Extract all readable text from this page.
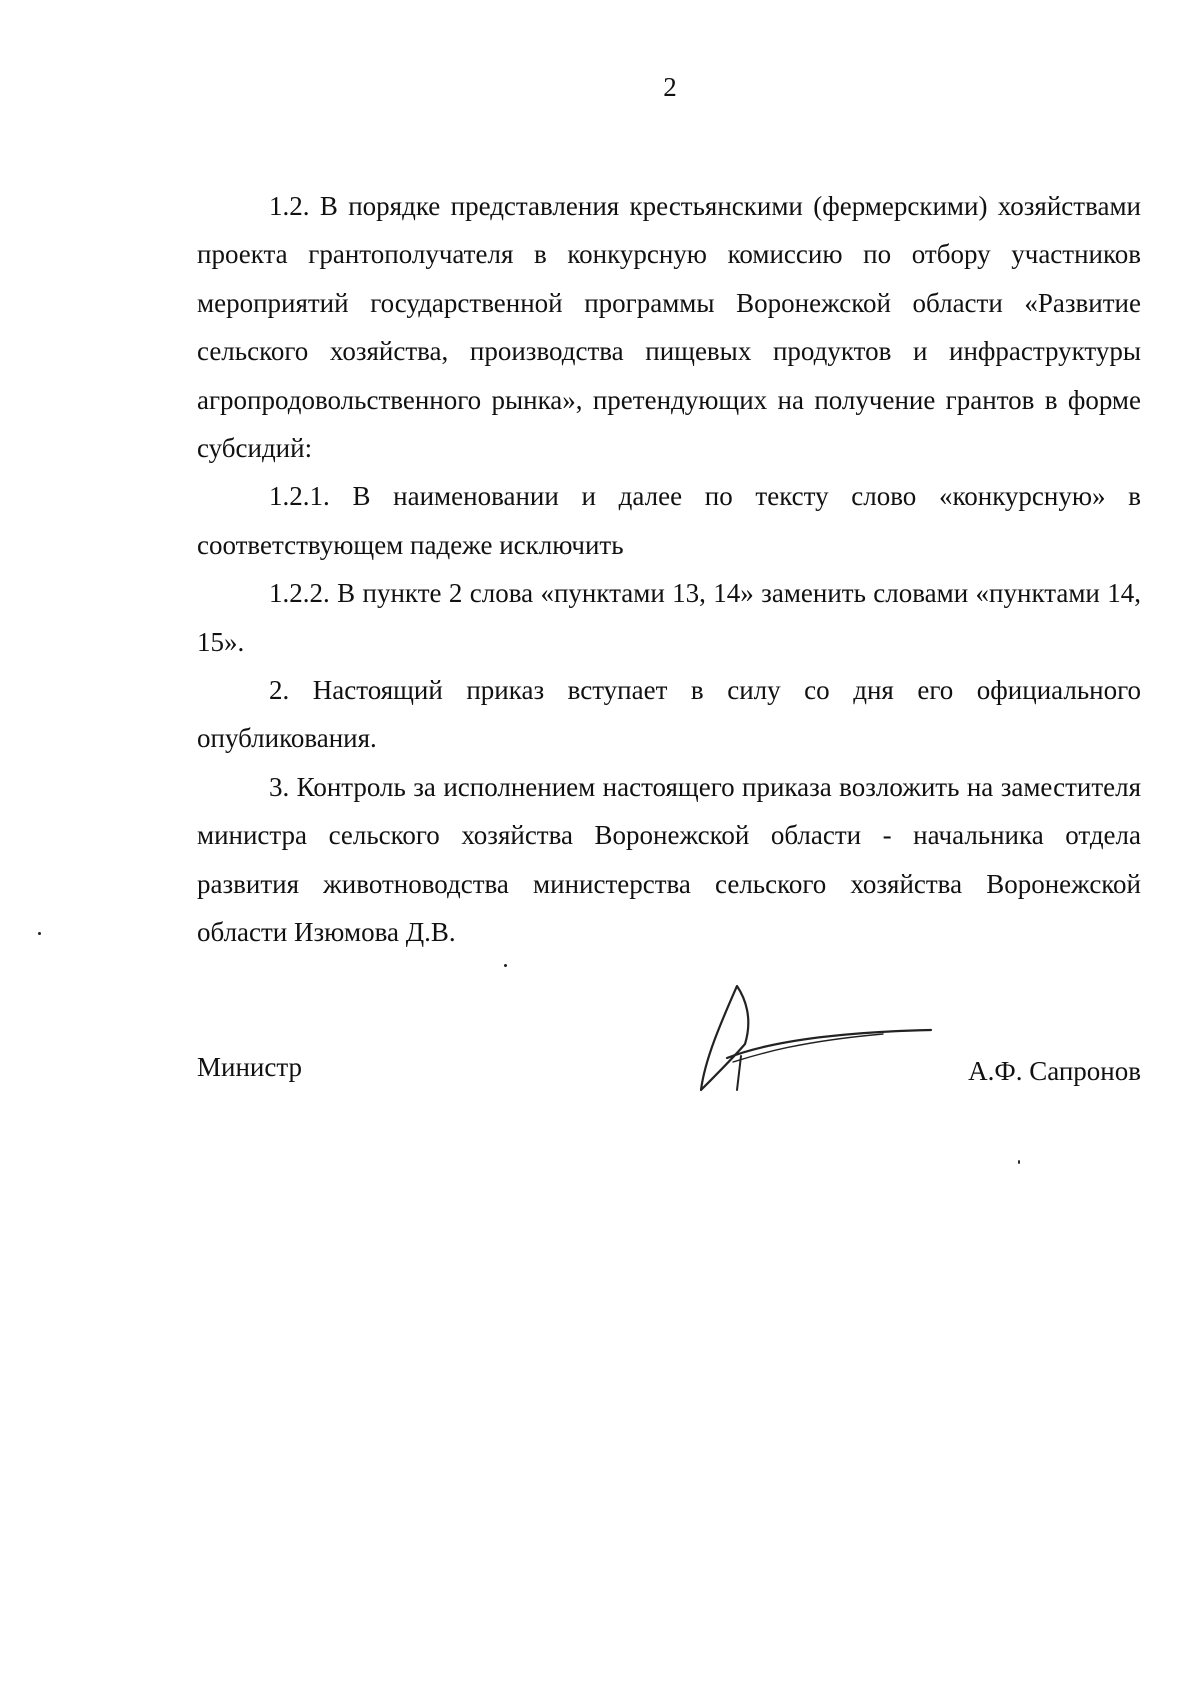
2

1.2. В порядке представления крестьянскими (фермерскими) хозяйствами проекта грантополучателя в конкурсную комиссию по отбору участников мероприятий государственной программы Воронежской области «Развитие сельского хозяйства, производства пищевых продуктов и инфраструктуры агропродовольственного рынка», претендующих на получение грантов в форме субсидий:

1.2.1. В наименовании и далее по тексту слово «конкурсную» в соответствующем падеже исключить

1.2.2. В пункте 2 слова «пунктами 13, 14» заменить словами «пунктами 14, 15».

2. Настоящий приказ вступает в силу со дня его официального опубликования.

3. Контроль за исполнением настоящего приказа возложить на заместителя министра сельского хозяйства Воронежской области - начальника отдела развития животноводства министерства сельского хозяйства Воронежской области Изюмова Д.В.

Министр	А.Ф. Сапронов
